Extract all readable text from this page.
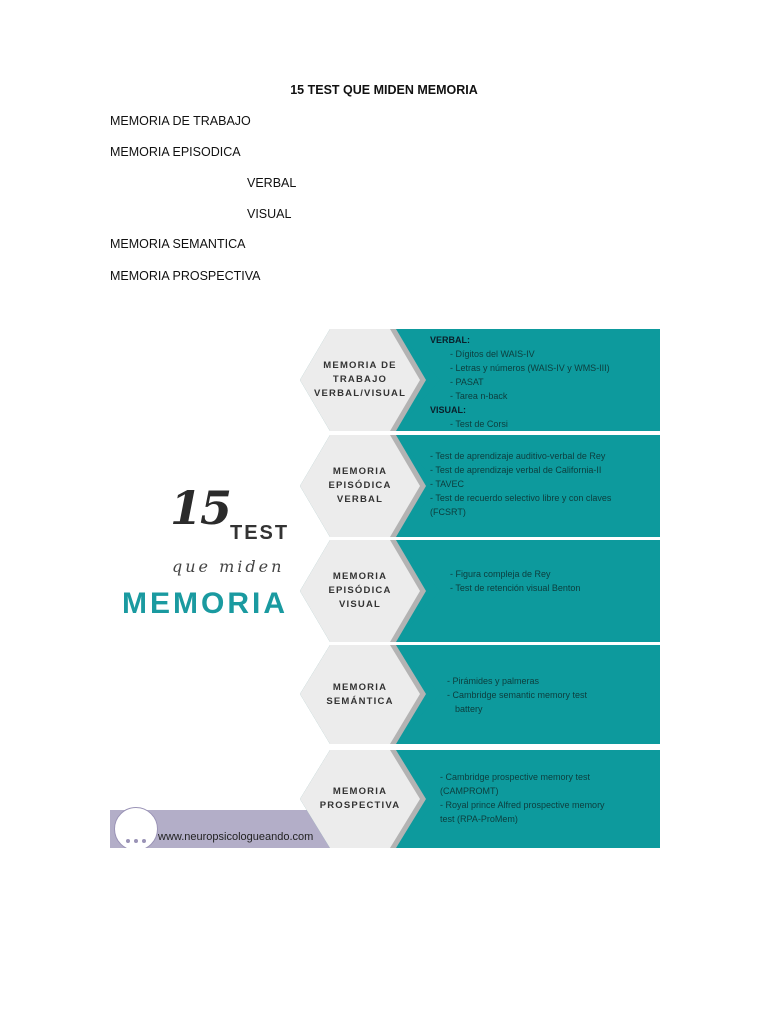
15 TEST QUE MIDEN MEMORIA
MEMORIA DE TRABAJO
MEMORIA EPISODICA
VERBAL
VISUAL
MEMORIA SEMANTICA
MEMORIA PROSPECTIVA
15 TEST
que miden
MEMORIA
www.neuropsicologueando.com
MEMORIA DE
TRABAJO
VERBAL/VISUAL
VERBAL:
- Dígitos del WAIS-IV
- Letras y números (WAIS-IV y WMS-III)
- PASAT
- Tarea n-back
VISUAL:
- Test de Corsi
MEMORIA
EPISÓDICA
VERBAL
- Test de aprendizaje auditivo-verbal de Rey
- Test de aprendizaje verbal de California-II
- TAVEC
- Test de recuerdo selectivo libre y con claves
(FCSRT)
MEMORIA
EPISÓDICA
VISUAL
- Figura compleja de Rey
- Test de retención visual Benton
MEMORIA
SEMÁNTICA
- Pirámides y palmeras
- Cambridge semantic memory test
battery
MEMORIA
PROSPECTIVA
- Cambridge prospective memory test
(CAMPROMT)
- Royal prince Alfred prospective memory
test (RPA-ProMem)
